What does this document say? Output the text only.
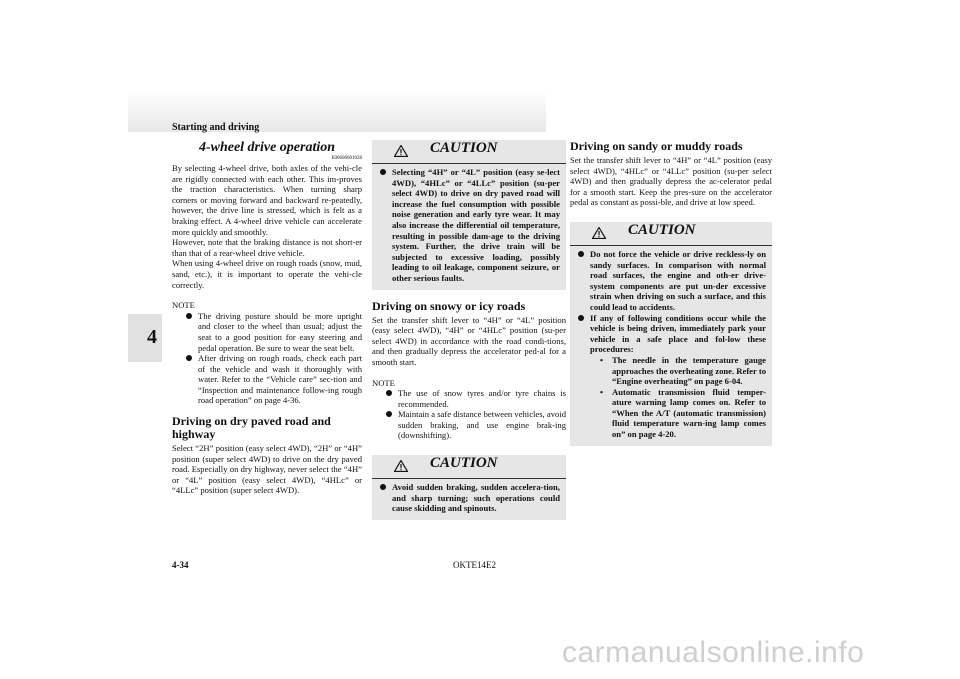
Starting and driving
4
4-wheel drive operation
E00606601028

By selecting 4-wheel drive, both axles of the vehi-cle are rigidly connected with each other. This im-proves the traction characteristics. When turning sharp corners or moving forward and backward re-peatedly, however, the drive line is stressed, which is felt as a braking effect. A 4-wheel drive vehicle can accelerate more quickly and smoothly.

However, note that the braking distance is not short-er than that of a rear-wheel drive vehicle.

When using 4-wheel drive on rough roads (snow, mud, sand, etc.), it is important to operate the vehi-cle correctly.

NOTE
The driving posture should be more upright and closer to the wheel than usual; adjust the seat to a good position for easy steering and pedal operation. Be sure to wear the seat belt.
After driving on rough roads, check each part of the vehicle and wash it thoroughly with water. Refer to the “Vehicle care” sec-tion and “Inspection and maintenance follow-ing rough road operation” on page 4-36.
Driving on dry paved road and highway

Select “2H” position (easy select 4WD), “2H” or “4H” position (super select 4WD) to drive on the dry paved road. Especially on dry highway, never select the “4H” or “4L” position (easy select 4WD), “4HLc” or “4LLc” position (super select 4WD).

CAUTION
Selecting “4H” or “4L” position (easy se-lect 4WD), “4HLc” or “4LLc” position (su-per select 4WD) to drive on dry paved road will increase the fuel consumption with possible noise generation and early tyre wear. It may also increase the differential oil temperature, resulting in possible dam-age to the driving system. Further, the drive train will be subjected to excessive loading, possibly leading to oil leakage, component seizure, or other serious faults.
Driving on snowy or icy roads

Set the transfer shift lever to “4H” or “4L” position (easy select 4WD), “4H” or “4HLc” position (su-per select 4WD) in accordance with the road condi-tions, and then gradually depress the accelerator ped-al for a smooth start.

NOTE
The use of snow tyres and/or tyre chains is recommended.
Maintain a safe distance between vehicles, avoid sudden braking, and use engine brak-ing (downshifting).
CAUTION
Avoid sudden braking, sudden accelera-tion, and sharp turning; such operations could cause skidding and spinouts.
Driving on sandy or muddy roads

Set the transfer shift lever to “4H” or “4L” position (easy select 4WD), “4HLc” or “4LLc” position (su-per select 4WD) and then gradually depress the ac-celerator pedal for a smooth start. Keep the pres-sure on the accelerator pedal as constant as possi-ble, and drive at low speed.

CAUTION
Do not force the vehicle or drive reckless-ly on sandy surfaces. In comparison with normal road surfaces, the engine and oth-er drive-system components are put un-der excessive strain when driving on such a surface, and this could lead to accidents.
If any of following conditions occur while the vehicle is being driven, immediately park your vehicle in a safe place and fol-low these procedures:
• The needle in the temperature gauge approaches the overheating zone. Refer to “Engine overheating” on page 6-04.
• Automatic transmission fluid temper-ature warning lamp comes on. Refer to “When the A/T (automatic transmission) fluid temperature warn-ing lamp comes on” on page 4-20.
4-34	OKTE14E2
carmanualsonline.info
